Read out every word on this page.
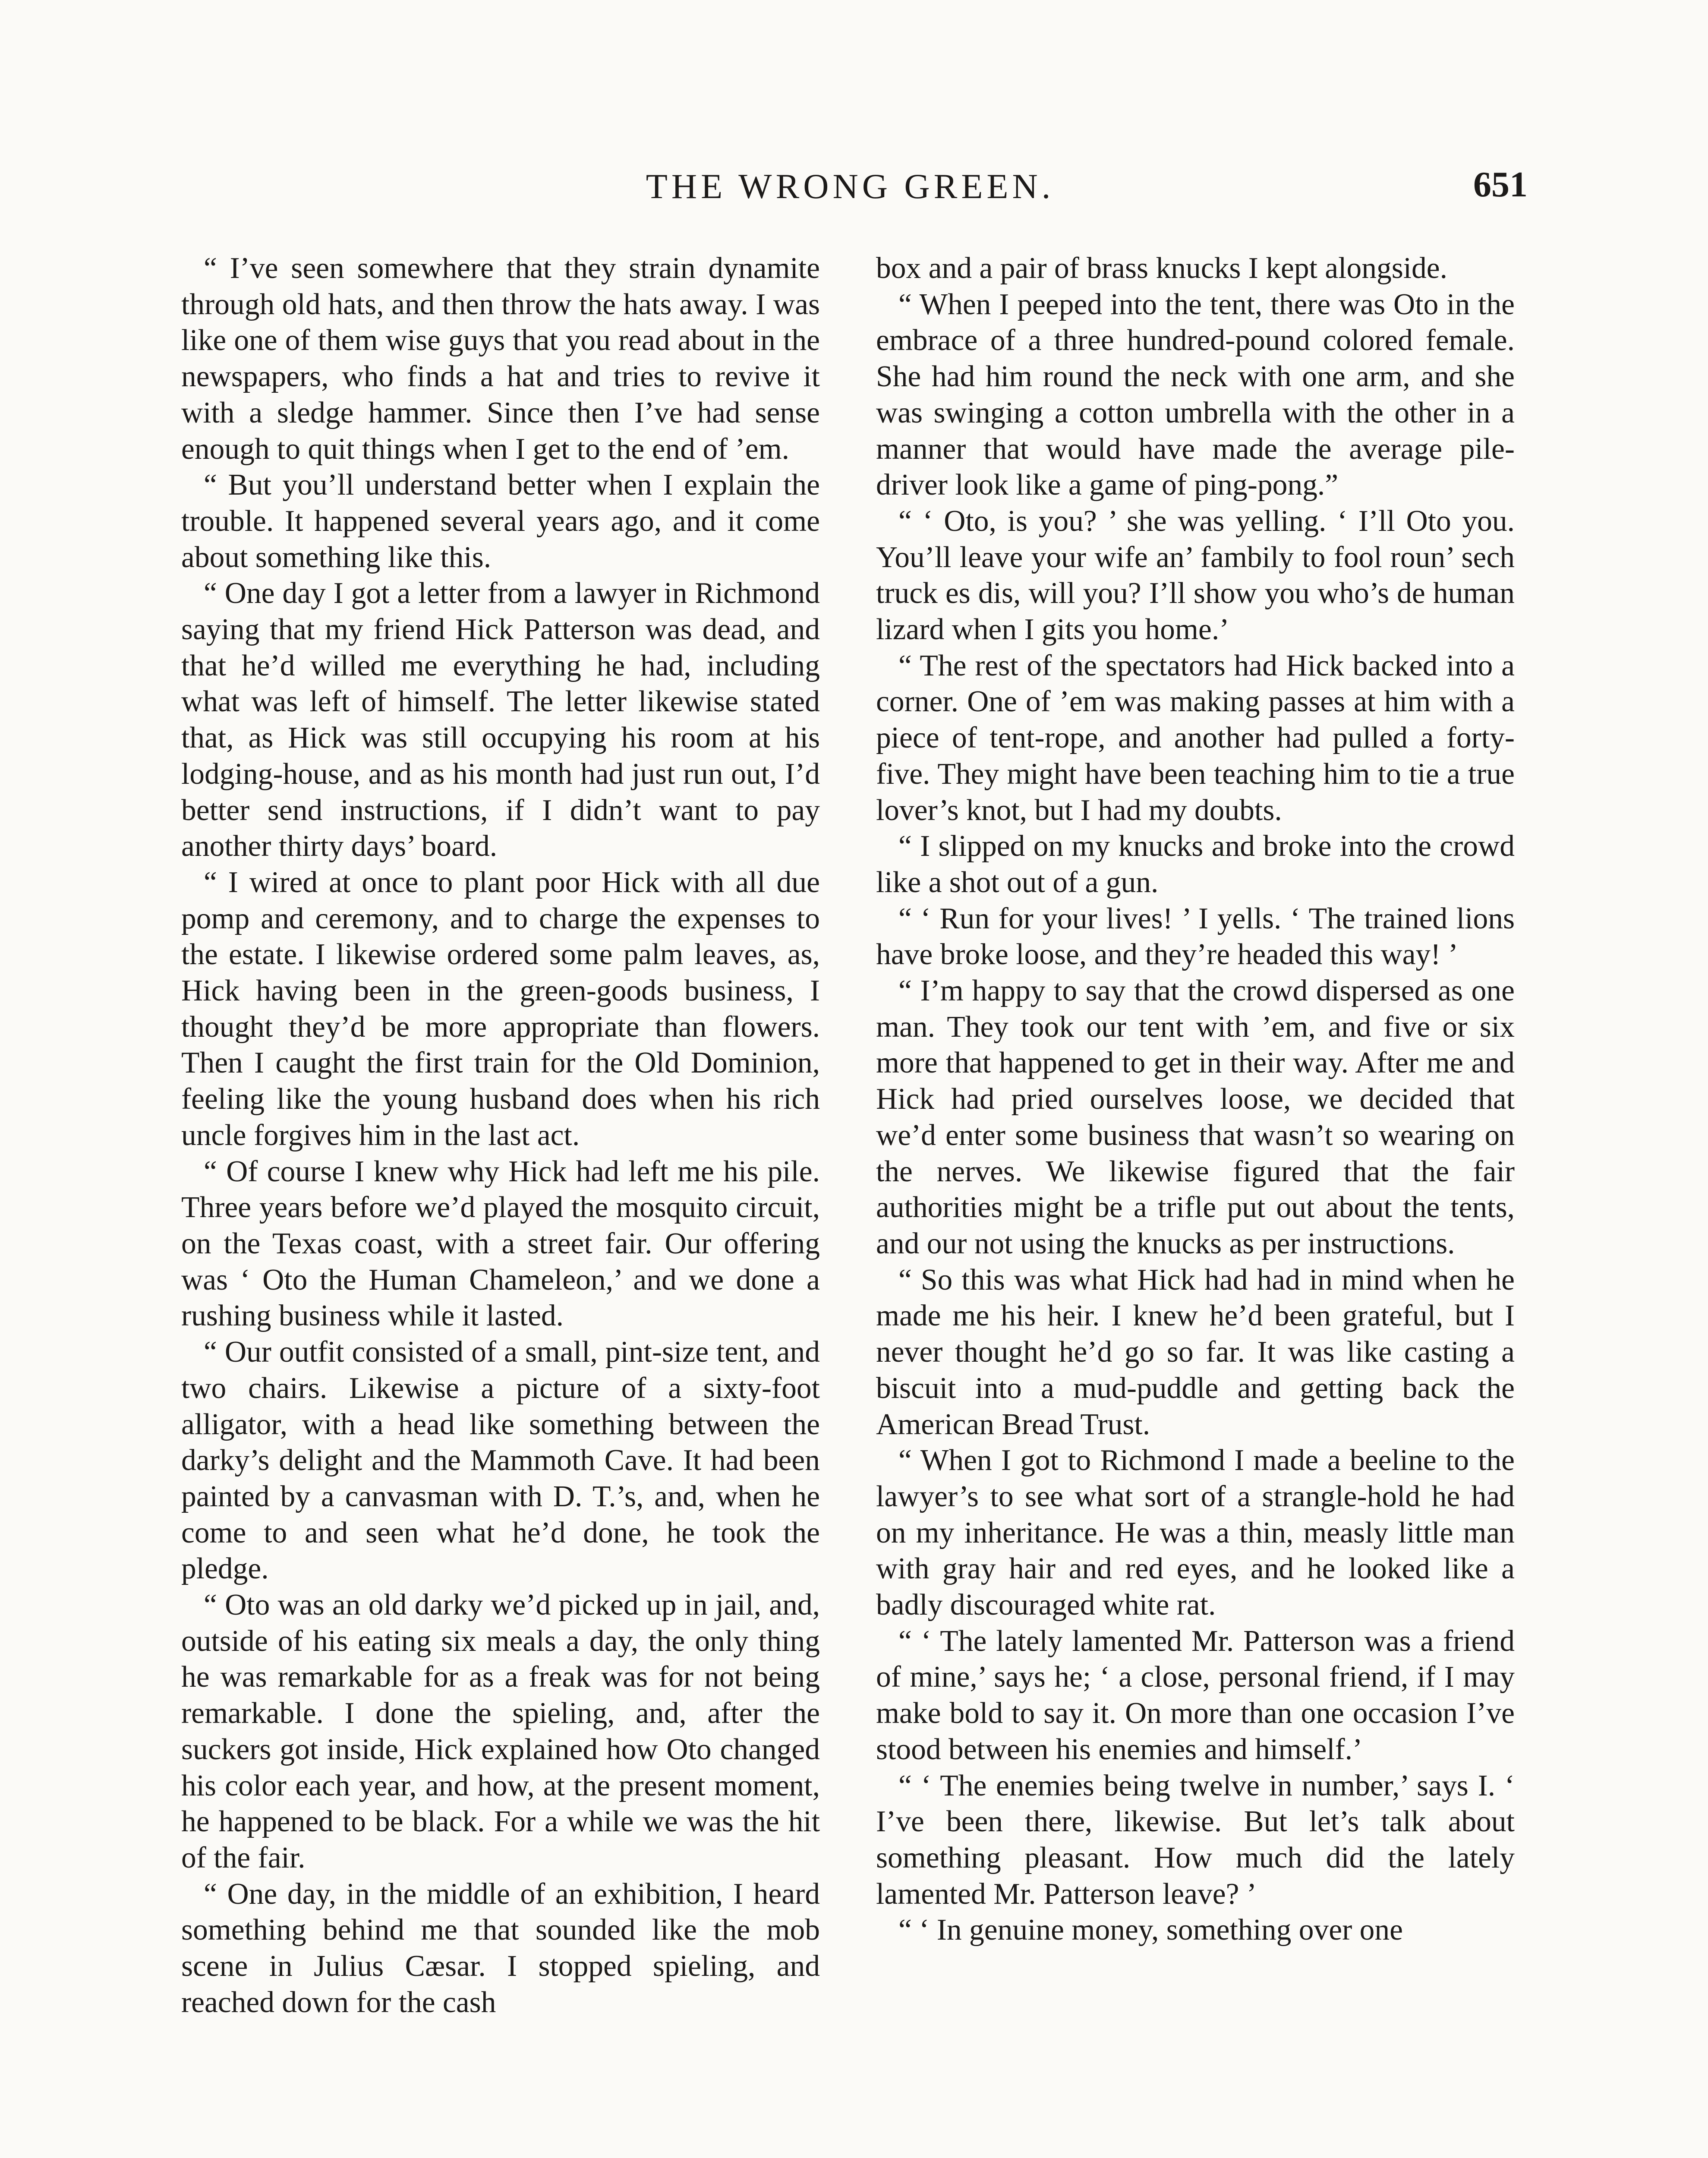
THE WRONG GREEN.	651

“ I’ve seen somewhere that they strain dynamite through old hats, and then throw the hats away. I was like one of them wise guys that you read about in the newspapers, who finds a hat and tries to revive it with a sledge hammer. Since then I’ve had sense enough to quit things when I get to the end of ’em.

“ But you’ll understand better when I explain the trouble. It happened several years ago, and it come about something like this.

“ One day I got a letter from a lawyer in Richmond saying that my friend Hick Patterson was dead, and that he’d willed me everything he had, including what was left of himself. The letter likewise stated that, as Hick was still occupying his room at his lodging-house, and as his month had just run out, I’d better send instructions, if I didn’t want to pay another thirty days’ board.

“ I wired at once to plant poor Hick with all due pomp and ceremony, and to charge the expenses to the estate. I likewise ordered some palm leaves, as, Hick having been in the green-goods business, I thought they’d be more appropriate than flowers. Then I caught the first train for the Old Dominion, feeling like the young husband does when his rich uncle forgives him in the last act.

“ Of course I knew why Hick had left me his pile. Three years before we’d played the mosquito circuit, on the Texas coast, with a street fair. Our offering was ‘ Oto the Human Chameleon,’ and we done a rushing business while it lasted.

“ Our outfit consisted of a small, pint-size tent, and two chairs. Likewise a picture of a sixty-foot alligator, with a head like something between the darky’s delight and the Mammoth Cave. It had been painted by a canvasman with D. T.’s, and, when he come to and seen what he’d done, he took the pledge.

“ Oto was an old darky we’d picked up in jail, and, outside of his eating six meals a day, the only thing he was remarkable for as a freak was for not being remarkable. I done the spieling, and, after the suckers got inside, Hick explained how Oto changed his color each year, and how, at the present moment, he happened to be black. For a while we was the hit of the fair.

“ One day, in the middle of an exhibition, I heard something behind me that sounded like the mob scene in Julius Cæsar. I stopped spieling, and reached down for the cash

box and a pair of brass knucks I kept alongside.

“ When I peeped into the tent, there was Oto in the embrace of a three hundred-pound colored female. She had him round the neck with one arm, and she was swinging a cotton umbrella with the other in a manner that would have made the average pile-driver look like a game of ping-pong.”

“ ‘ Oto, is you? ’ she was yelling. ‘ I’ll Oto you. You’ll leave your wife an’ fambily to fool roun’ sech truck es dis, will you? I’ll show you who’s de human lizard when I gits you home.’

“ The rest of the spectators had Hick backed into a corner. One of ’em was making passes at him with a piece of tent-rope, and another had pulled a forty-five. They might have been teaching him to tie a true lover’s knot, but I had my doubts.

“ I slipped on my knucks and broke into the crowd like a shot out of a gun.

“ ‘ Run for your lives! ’ I yells. ‘ The trained lions have broke loose, and they’re headed this way! ’

“ I’m happy to say that the crowd dispersed as one man. They took our tent with ’em, and five or six more that happened to get in their way. After me and Hick had pried ourselves loose, we decided that we’d enter some business that wasn’t so wearing on the nerves. We likewise figured that the fair authorities might be a trifle put out about the tents, and our not using the knucks as per instructions.

“ So this was what Hick had had in mind when he made me his heir. I knew he’d been grateful, but I never thought he’d go so far. It was like casting a biscuit into a mud-puddle and getting back the American Bread Trust.

“ When I got to Richmond I made a beeline to the lawyer’s to see what sort of a strangle-hold he had on my inheritance. He was a thin, measly little man with gray hair and red eyes, and he looked like a badly discouraged white rat.

“ ‘ The lately lamented Mr. Patterson was a friend of mine,’ says he; ‘ a close, personal friend, if I may make bold to say it. On more than one occasion I’ve stood between his enemies and himself.’

“ ‘ The enemies being twelve in number,’ says I. ‘ I’ve been there, likewise. But let’s talk about something pleasant. How much did the lately lamented Mr. Patterson leave? ’

“ ‘ In genuine money, something over one
